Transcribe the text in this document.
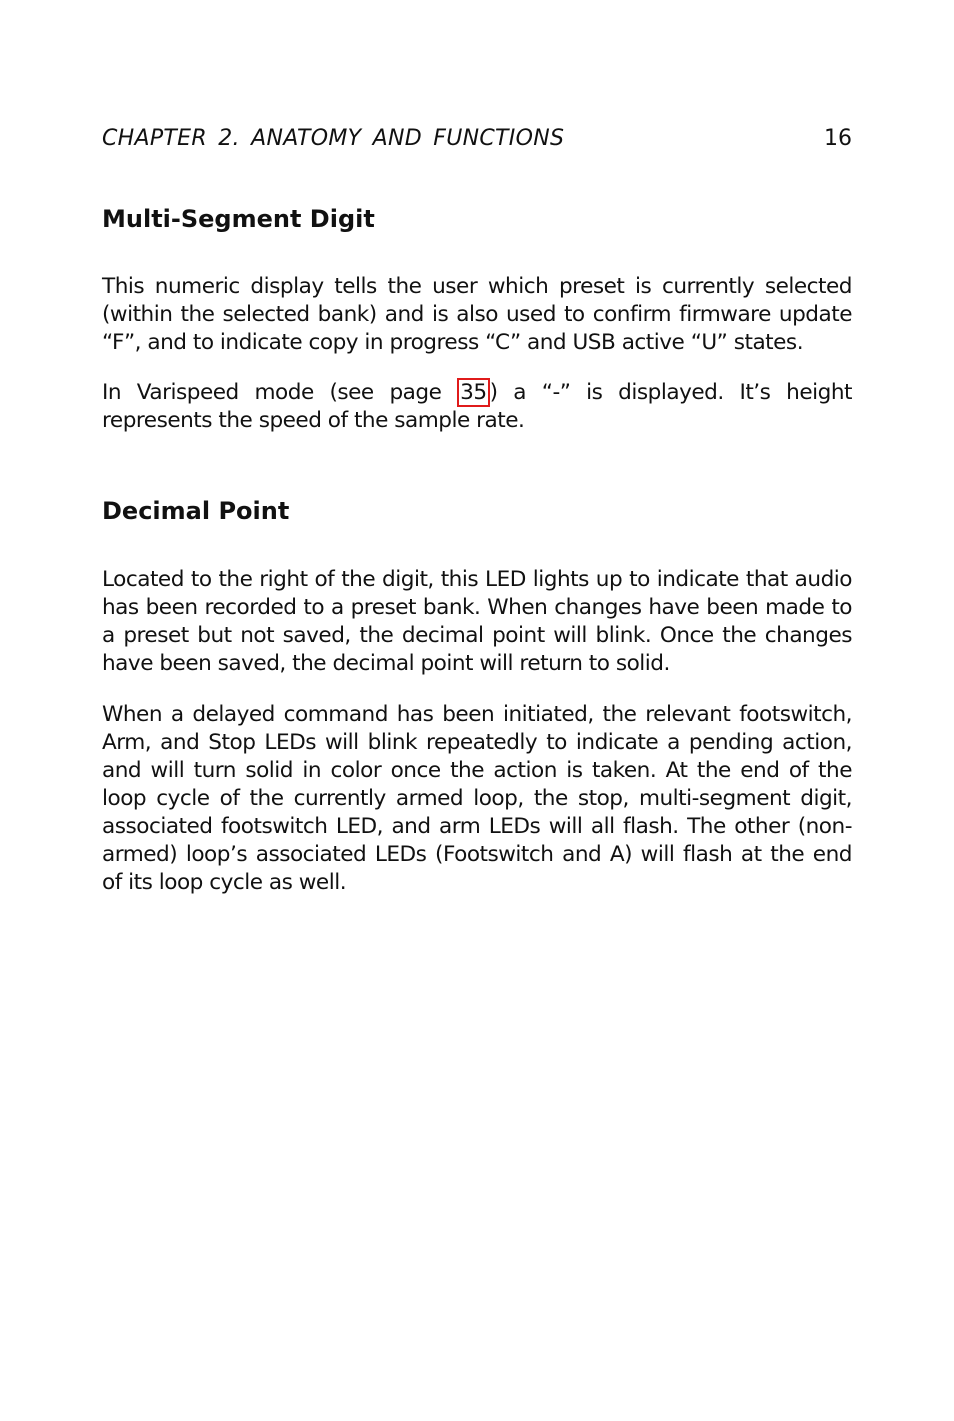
CHAPTER 2. ANATOMY AND FUNCTIONS	16
Multi-Segment Digit

This numeric display tells the user which preset is currently selected (within the selected bank) and is also used to confirm firmware update “F”, and to indicate copy in progress “C” and USB active “U” states.

In Varispeed mode (see page 35 ) a “-” is displayed. It’s height represents the speed of the sample rate.

Decimal Point

Located to the right of the digit, this LED lights up to indicate that audio has been recorded to a preset bank. When changes have been made to a preset but not saved, the decimal point will blink. Once the changes have been saved, the decimal point will return to solid.

When a delayed command has been initiated, the relevant footswitch, Arm, and Stop LEDs will blink repeatedly to indicate a pending action, and will turn solid in color once the action is taken. At the end of the loop cycle of the currently armed loop, the stop, multi-segment digit, associated footswitch LED, and arm LEDs will all flash. The other (non-armed) loop’s associated LEDs (Footswitch and A) will flash at the end of its loop cycle as well.
